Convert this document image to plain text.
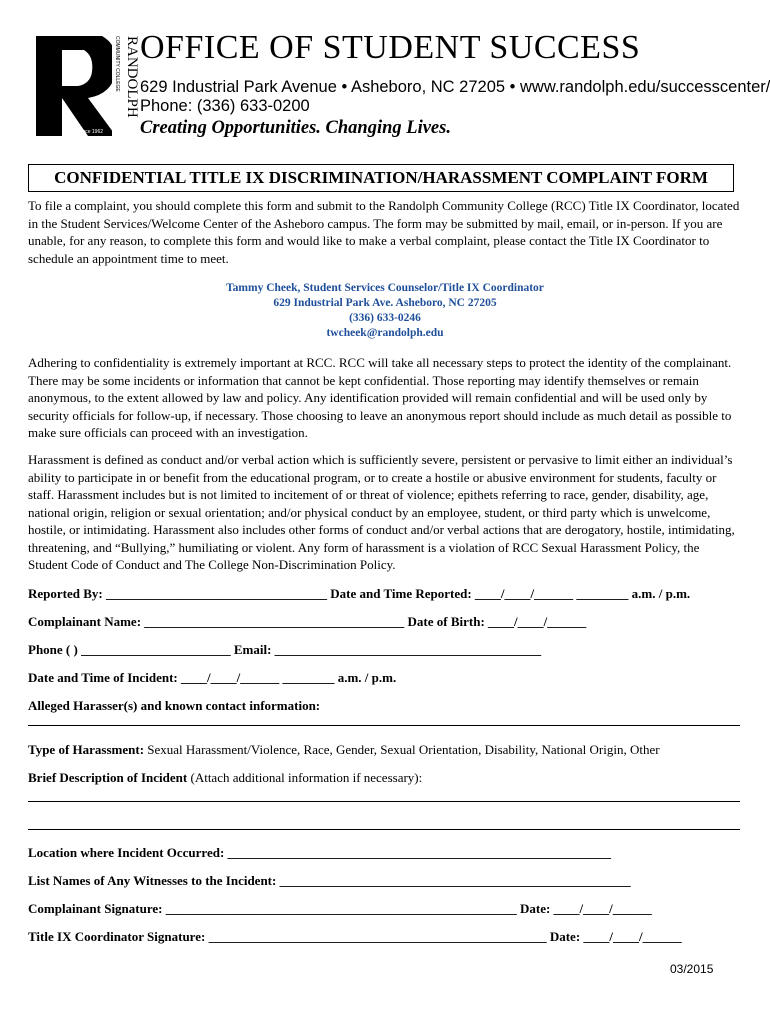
RANDOLPH
COMMUNITY COLLEGE
Since 1962
OFFICE OF STUDENT SUCCESS
629 Industrial Park Avenue • Asheboro, NC 27205 • www.randolph.edu/successcenter/
Phone: (336) 633-0200
Creating Opportunities. Changing Lives.
CONFIDENTIAL TITLE IX DISCRIMINATION/HARASSMENT COMPLAINT FORM
To file a complaint, you should complete this form and submit to the Randolph Community College (RCC) Title IX Coordinator, located in the Student Services/Welcome Center of the Asheboro campus. The form may be submitted by mail, email, or in-person. If you are unable, for any reason, to complete this form and would like to make a verbal complaint, please contact the Title IX Coordinator to schedule an appointment time to meet.
Tammy Cheek, Student Services Counselor/Title IX Coordinator
629 Industrial Park Ave. Asheboro, NC 27205
(336) 633-0246
twcheek@randolph.edu
Adhering to confidentiality is extremely important at RCC. RCC will take all necessary steps to protect the identity of the complainant. There may be some incidents or information that cannot be kept confidential. Those reporting may identify themselves or remain anonymous, to the extent allowed by law and policy. Any identification provided will remain confidential and will be used only by security officials for follow-up, if necessary. Those choosing to leave an anonymous report should include as much detail as possible to make sure officials can proceed with an investigation.
Harassment is defined as conduct and/or verbal action which is sufficiently severe, persistent or pervasive to limit either an individual’s ability to participate in or benefit from the educational program, or to create a hostile or abusive environment for students, faculty or staff. Harassment includes but is not limited to incitement of or threat of violence; epithets referring to race, gender, disability, age, national origin, religion or sexual orientation; and/or physical conduct by an employee, student, or third party which is unwelcome, hostile, or intimidating. Harassment also includes other forms of conduct and/or verbal actions that are derogatory, hostile, intimidating, threatening, and “Bullying,” humiliating or violent. Any form of harassment is a violation of RCC Sexual Harassment Policy, the Student Code of Conduct and The College Non-Discrimination Policy.
Reported By: __________________________________ Date and Time Reported: ____/____/______ ________ a.m. / p.m.
Complainant Name: ________________________________________ Date of Birth: ____/____/______
Phone ( ) _______________________ Email: _________________________________________
Date and Time of Incident: ____/____/______ ________ a.m. / p.m.
Alleged Harasser(s) and known contact information:
Type of Harassment: Sexual Harassment/Violence, Race, Gender, Sexual Orientation, Disability, National Origin, Other
Brief Description of Incident (Attach additional information if necessary):
Location where Incident Occurred: ___________________________________________________________
List Names of Any Witnesses to the Incident: ______________________________________________________
Complainant Signature: ______________________________________________________ Date: ____/____/______
Title IX Coordinator Signature: ____________________________________________________ Date: ____/____/______
03/2015
